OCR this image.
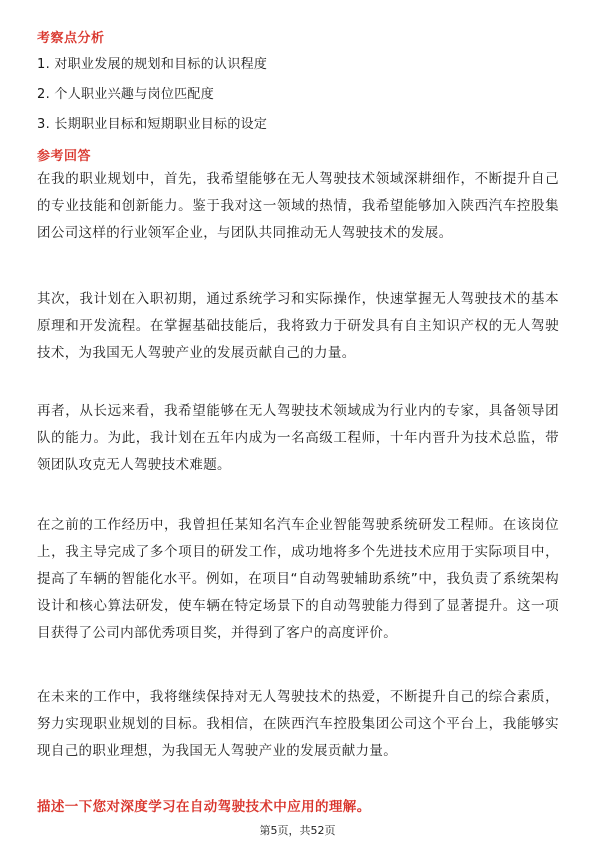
考察点分析
1. 对职业发展的规划和目标的认识程度
2. 个人职业兴趣与岗位匹配度
3. 长期职业目标和短期职业目标的设定
参考回答

在我的职业规划中，首先，我希望能够在无人驾驶技术领域深耕细作，不断提升自己的专业技能和创新能力。鉴于我对这一领域的热情，我希望能够加入陕西汽车控股集团公司这样的行业领军企业，与团队共同推动无人驾驶技术的发展。

其次，我计划在入职初期，通过系统学习和实际操作，快速掌握无人驾驶技术的基本原理和开发流程。在掌握基础技能后，我将致力于研发具有自主知识产权的无人驾驶技术，为我国无人驾驶产业的发展贡献自己的力量。

再者，从长远来看，我希望能够在无人驾驶技术领域成为行业内的专家，具备领导团队的能力。为此，我计划在五年内成为一名高级工程师，十年内晋升为技术总监，带领团队攻克无人驾驶技术难题。

在之前的工作经历中，我曾担任某知名汽车企业智能驾驶系统研发工程师。在该岗位上，我主导完成了多个项目的研发工作，成功地将多个先进技术应用于实际项目中，提高了车辆的智能化水平。例如，在项目“自动驾驶辅助系统”中，我负责了系统架构设计和核心算法研发，使车辆在特定场景下的自动驾驶能力得到了显著提升。这一项目获得了公司内部优秀项目奖，并得到了客户的高度评价。

在未来的工作中，我将继续保持对无人驾驶技术的热爱，不断提升自己的综合素质，努力实现职业规划的目标。我相信，在陕西汽车控股集团公司这个平台上，我能够实现自己的职业理想，为我国无人驾驶产业的发展贡献力量。

描述一下您对深度学习在自动驾驶技术中应用的理解。
第5页，共52页
